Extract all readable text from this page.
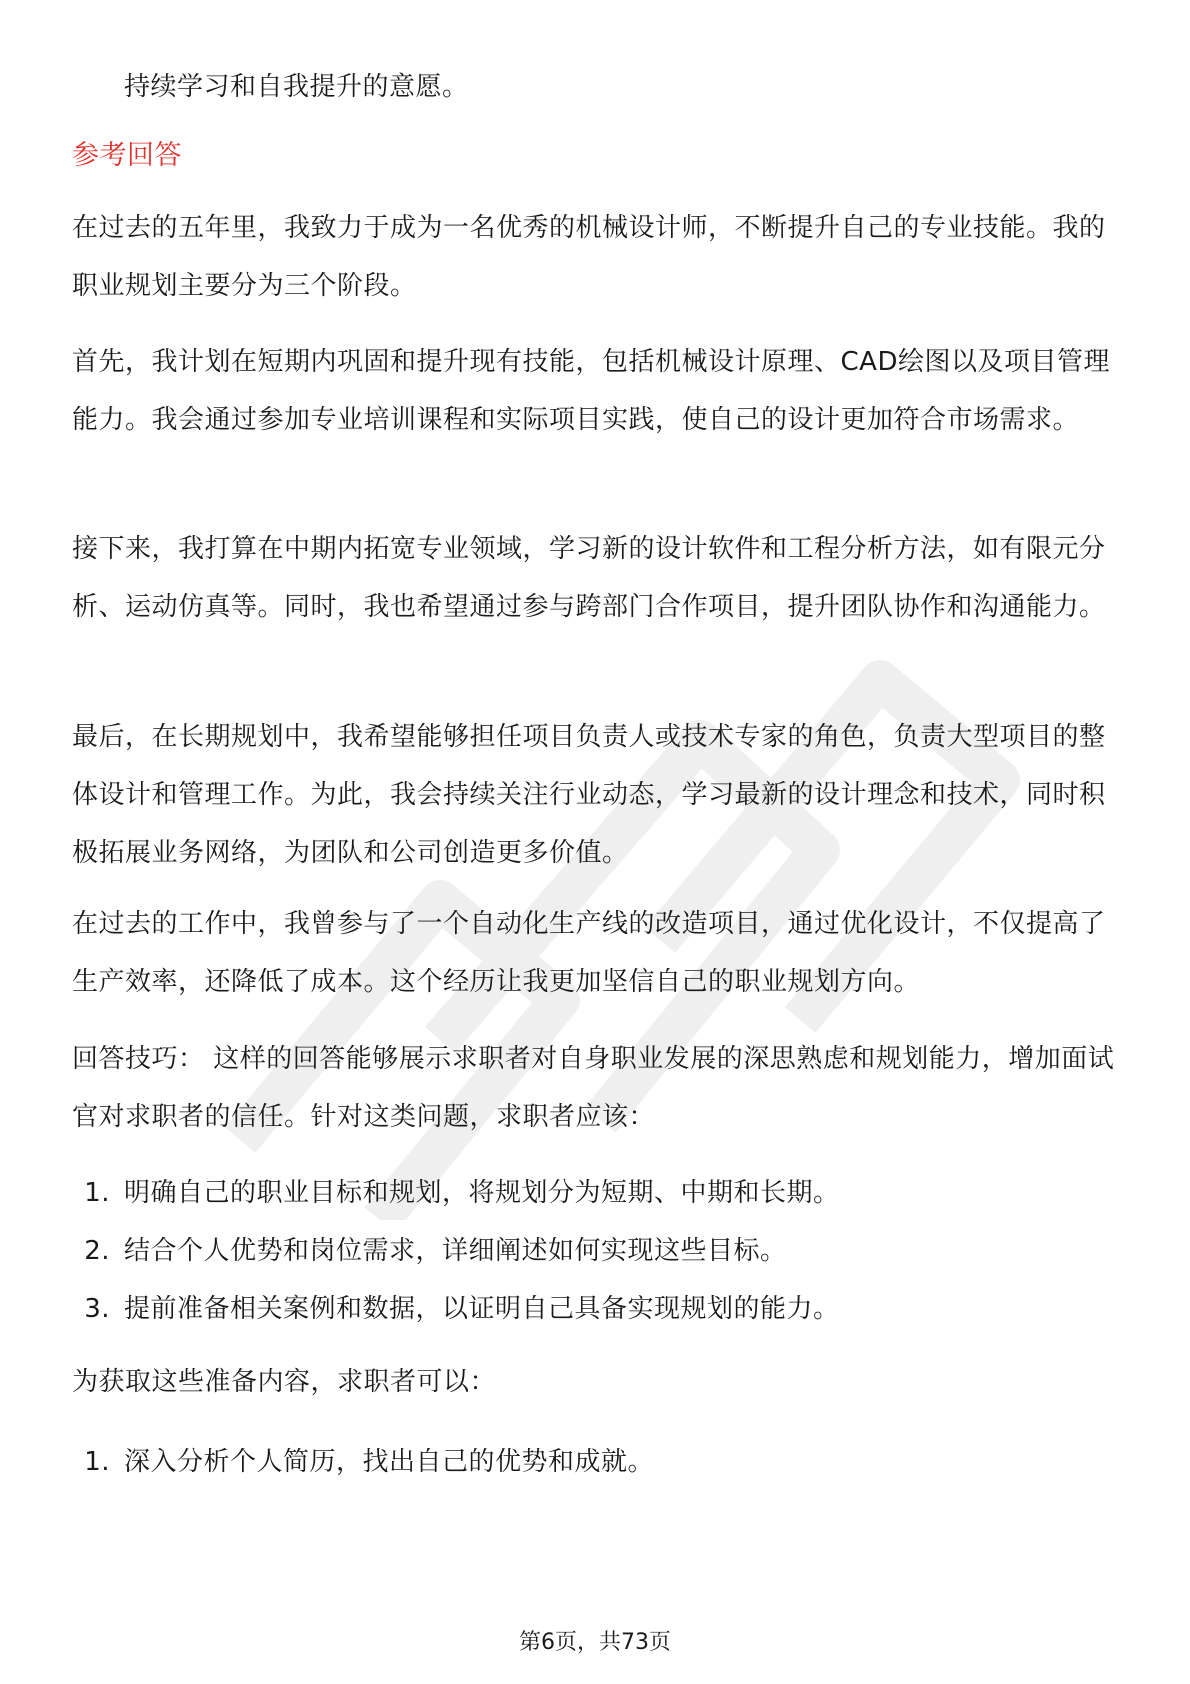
持续学习和自我提升的意愿。

参考回答

在过去的五年里，我致力于成为一名优秀的机械设计师，不断提升自己的专业技能。我的职业规划主要分为三个阶段。

首先，我计划在短期内巩固和提升现有技能，包括机械设计原理、CAD绘图以及项目管理能力。我会通过参加专业培训课程和实际项目实践，使自己的设计更加符合市场需求。

接下来，我打算在中期内拓宽专业领域，学习新的设计软件和工程分析方法，如有限元分析、运动仿真等。同时，我也希望通过参与跨部门合作项目，提升团队协作和沟通能力。

最后，在长期规划中，我希望能够担任项目负责人或技术专家的角色，负责大型项目的整体设计和管理工作。为此，我会持续关注行业动态，学习最新的设计理念和技术，同时积极拓展业务网络，为团队和公司创造更多价值。

在过去的工作中，我曾参与了一个自动化生产线的改造项目，通过优化设计，不仅提高了生产效率，还降低了成本。这个经历让我更加坚信自己的职业规划方向。

回答技巧： 这样的回答能够展示求职者对自身职业发展的深思熟虑和规划能力，增加面试官对求职者的信任。针对这类问题，求职者应该：

1. 明确自己的职业目标和规划，将规划分为短期、中期和长期。
2. 结合个人优势和岗位需求，详细阐述如何实现这些目标。
3. 提前准备相关案例和数据，以证明自己具备实现规划的能力。

为获取这些准备内容，求职者可以：

1. 深入分析个人简历，找出自己的优势和成就。
第6页，共73页
